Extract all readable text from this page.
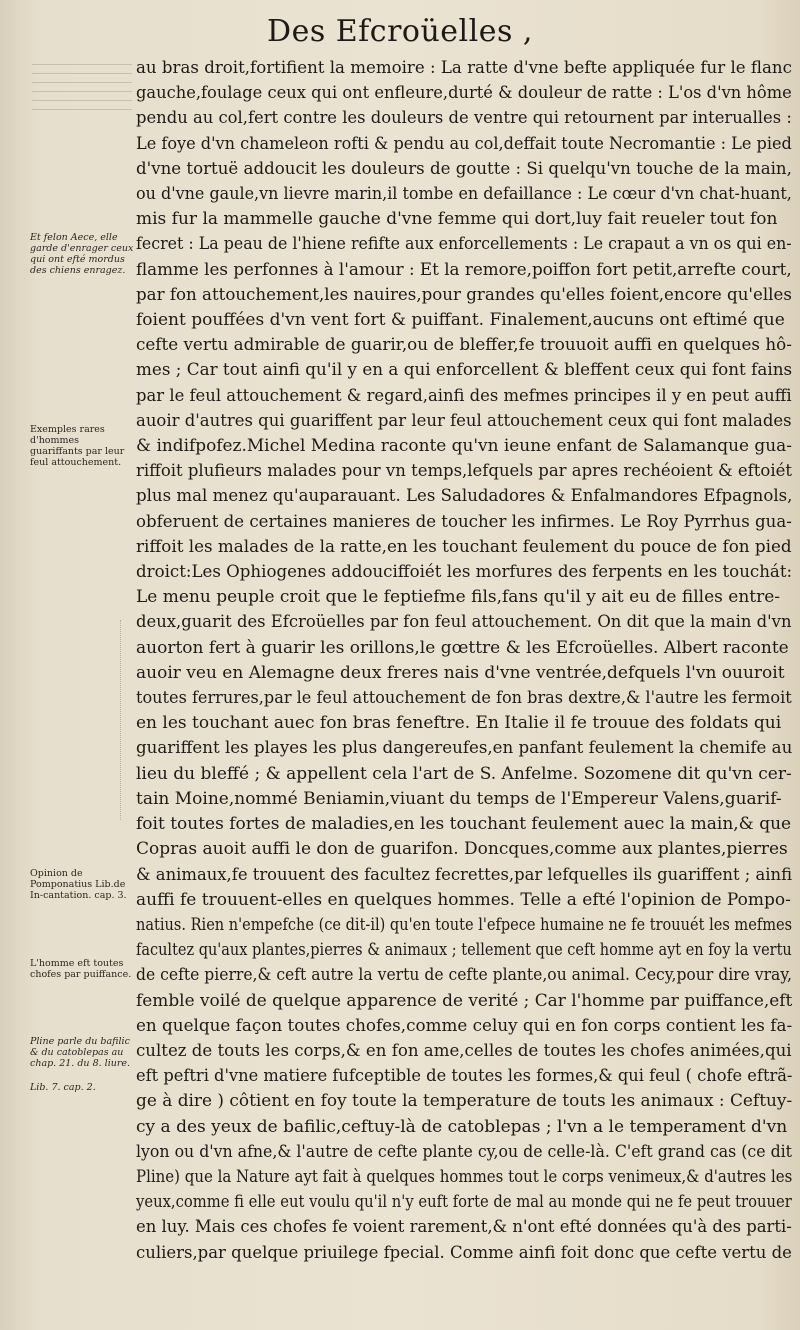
Des Efcroüelles ,
Et felon Aece, elle garde d'enrager ceux qui ont efté mordus des chiens enragez.
Exemples rares d'hommes guariffants par leur feul attouchement.
Opinion de Pomponatius Lib.de In-cantation. cap. 3.
L'homme eft toutes chofes par puiffance.
Pline parle du bafilic & du catoblepas au chap. 21. du 8. liure.
Lib. 7. cap. 2.
au bras droit,fortifient la memoire : La ratte d'vne befte appliquée fur le flanc
gauche,foulage ceux qui ont enfleure,durté & douleur de ratte : L'os d'vn hôme
pendu au col,fert contre les douleurs de ventre qui retournent par interualles :
Le foye d'vn chameleon rofti & pendu au col,deffait toute Necromantie : Le pied
d'vne tortuë addoucit les douleurs de goutte : Si quelqu'vn touche de la main,
ou d'vne gaule,vn lievre marin,il tombe en defaillance : Le cœur d'vn chat-huant,
mis fur la mammelle gauche d'vne femme qui dort,luy fait reueler tout fon
fecret : La peau de l'hiene refifte aux enforcellements : Le crapaut a vn os qui en-
flamme les perfonnes à l'amour : Et la remore,poiffon fort petit,arrefte court,
par fon attouchement,les nauires,pour grandes qu'elles foient,encore qu'elles
foient pouffées d'vn vent fort & puiffant. Finalement,aucuns ont eftimé que
cefte vertu admirable de guarir,ou de bleffer,fe trouuoit auffi en quelques hô-
mes ; Car tout ainfi qu'il y en a qui enforcellent & bleffent ceux qui font fains
par le feul attouchement & regard,ainfi des mefmes principes il y en peut auffi
auoir d'autres qui guariffent par leur feul attouchement ceux qui font malades
& indifpofez.Michel Medina raconte qu'vn ieune enfant de Salamanque gua-
riffoit plufieurs malades pour vn temps,lefquels par apres rechéoient & eftoiét
plus mal menez qu'auparauant. Les Saludadores & Enfalmandores Efpagnols,
obferuent de certaines manieres de toucher les infirmes. Le Roy Pyrrhus gua-
riffoit les malades de la ratte,en les touchant feulement du pouce de fon pied
droict:Les Ophiogenes addouciffoiét les morfures des ferpents en les touchát:
Le menu peuple croit que le feptiefme fils,fans qu'il y ait eu de filles entre-
deux,guarit des Efcroüelles par fon feul attouchement. On dit que la main d'vn
auorton fert à guarir les orillons,le gœttre & les Efcroüelles. Albert raconte
auoir veu en Alemagne deux freres nais d'vne ventrée,defquels l'vn ouuroit
toutes ferrures,par le feul attouchement de fon bras dextre,& l'autre les fermoit
en les touchant auec fon bras feneftre. En Italie il fe trouue des foldats qui
guariffent les playes les plus dangereufes,en panfant feulement la chemife au
lieu du bleffé ; & appellent cela l'art de S. Anfelme. Sozomene dit qu'vn cer-
tain Moine,nommé Beniamin,viuant du temps de l'Empereur Valens,guarif-
foit toutes fortes de maladies,en les touchant feulement auec la main,& que
Copras auoit auffi le don de guarifon. Doncques,comme aux plantes,pierres
& animaux,fe trouuent des facultez fecrettes,par lefquelles ils guariffent ; ainfi
auffi fe trouuent-elles en quelques hommes. Telle a efté l'opinion de Pompo-
natius. Rien n'empefche (ce dit-il) qu'en toute l'efpece humaine ne fe trouuét les mefmes
facultez qu'aux plantes,pierres & animaux ; tellement que ceft homme ayt en foy la vertu
de cefte pierre,& ceft autre la vertu de cefte plante,ou animal. Cecy,pour dire vray,
femble voilé de quelque apparence de verité ; Car l'homme par puiffance,eft
en quelque façon toutes chofes,comme celuy qui en fon corps contient les fa-
cultez de touts les corps,& en fon ame,celles de toutes les chofes animées,qui
eft peftri d'vne matiere fufceptible de toutes les formes,& qui feul ( chofe eftrã-
ge à dire ) côtient en foy toute la temperature de touts les animaux : Ceftuy-
cy a des yeux de bafilic,ceftuy-là de catoblepas ; l'vn a le temperament d'vn
lyon ou d'vn afne,& l'autre de cefte plante cy,ou de celle-là. C'eft grand cas (ce dit
Pline) que la Nature ayt fait à quelques hommes tout le corps venimeux,& d'autres les
yeux,comme fi elle eut voulu qu'il n'y euft forte de mal au monde qui ne fe peut trouuer
en luy. Mais ces chofes fe voient rarement,& n'ont efté données qu'à des parti-
culiers,par quelque priuilege fpecial. Comme ainfi foit donc que cefte vertu de
